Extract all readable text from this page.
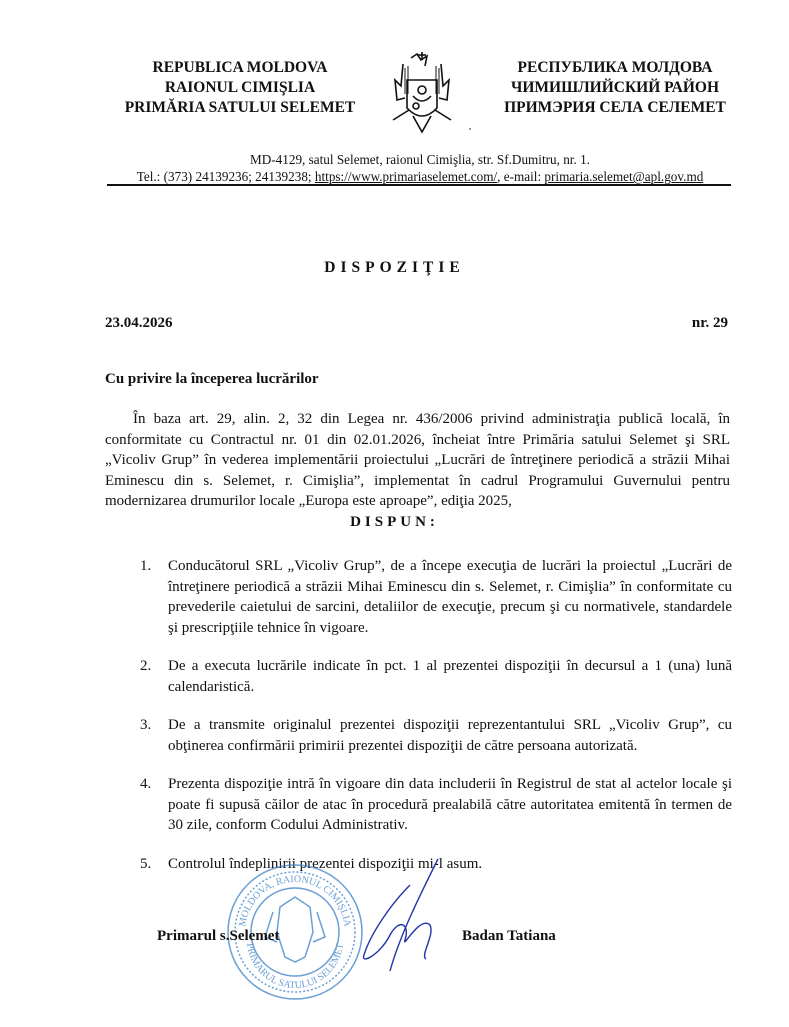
REPUBLICA MOLDOVA
RAIONUL CIMIŞLIA
PRIMĂRIA SATULUI SELEMET
РЕСПУБЛИКА МОЛДОВА
ЧИМИШЛИЙСКИЙ РАЙОН
ПРИМЭРИЯ СЕЛА СЕЛЕМЕТ
MD-4129, satul Selemet, raionul Cimişlia, str. Sf.Dumitru, nr. 1.
Tel.: (373) 24139236; 24139238; https://www.primariaselemet.com/, e-mail: primaria.selemet@apl.gov.md
DISPOZIŢIE
23.04.2026	nr. 29
Cu privire la începerea lucrărilor
În baza art. 29, alin. 2, 32 din Legea nr. 436/2006 privind administraţia publică locală, în conformitate cu Contractul nr. 01 din 02.01.2026, încheiat între Primăria satului Selemet şi SRL „Vicoliv Grup” în vederea implementării proiectului „Lucrări de întreţinere periodică a străzii Mihai Eminescu din s. Selemet, r. Cimişlia”, implementat în cadrul Programului Guvernului pentru modernizarea drumurilor locale „Europa este aproape”, ediţia 2025,
DISPUN:
1. Conducătorul SRL „Vicoliv Grup”, de a începe execuţia de lucrări la proiectul „Lucrări de întreţinere periodică a străzii Mihai Eminescu din s. Selemet, r. Cimişlia” în conformitate cu prevederile caietului de sarcini, detaliilor de execuţie, precum şi cu normativele, standardele şi prescripţiile tehnice în vigoare.
2. De a executa lucrările indicate în pct. 1 al prezentei dispoziţii în decursul a 1 (una) lună calendaristică.
3. De a transmite originalul prezentei dispoziţii reprezentantului SRL „Vicoliv Grup”, cu obţinerea confirmării primirii prezentei dispoziţii de către persoana autorizată.
4. Prezenta dispoziţie intră în vigoare din data includerii în Registrul de stat al actelor locale şi poate fi supusă căilor de atac în procedură prealabilă către autoritatea emitentă în termen de 30 zile, conform Codului Administrativ.
5. Controlul îndeplinirii prezentei dispoziţii mi-l asum.
MOLDOVA, RAIONUL CIMIŞLIA
PRIMARUL SATULUI SELEMET
Primarul s.Selemet	Badan Tatiana
